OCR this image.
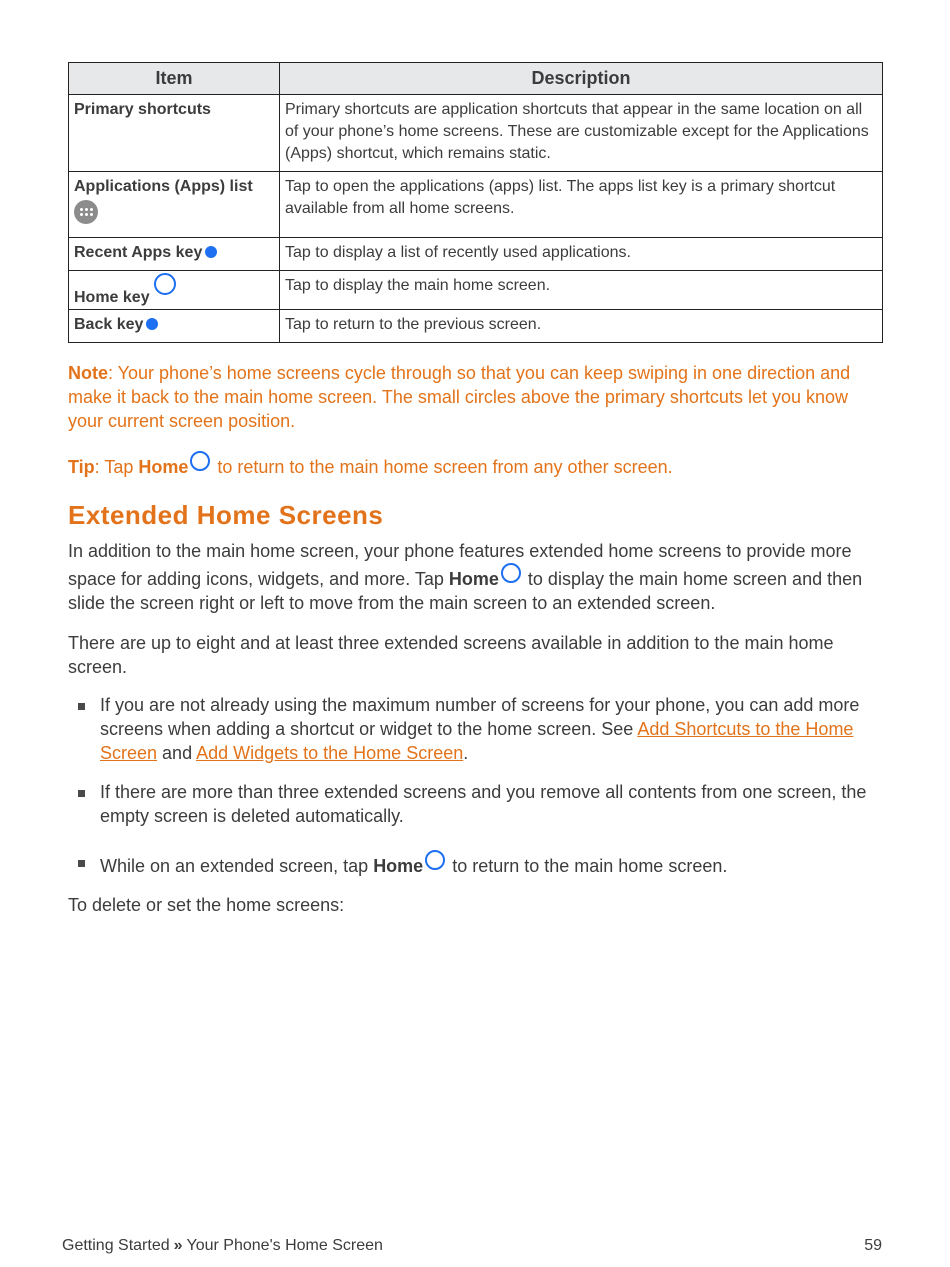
Item	Description
Primary shortcuts	Primary shortcuts are application shortcuts that appear in the same location on all of your phone’s home screens. These are customizable except for the Applications (Apps) shortcut, which remains static.
Applications (Apps) list	Tap to open the applications (apps) list. The apps list key is a primary shortcut available from all home screens.
Recent Apps key	Tap to display a list of recently used applications.
Home key	Tap to display the main home screen.
Back key	Tap to return to the previous screen.

Note: Your phone’s home screens cycle through so that you can keep swiping in one direction and make it back to the main home screen. The small circles above the primary shortcuts let you know your current screen position.

Tip: Tap Home to return to the main home screen from any other screen.

Extended Home Screens

In addition to the main home screen, your phone features extended home screens to provide more space for adding icons, widgets, and more. Tap Home to display the main home screen and then slide the screen right or left to move from the main screen to an extended screen.

There are up to eight and at least three extended screens available in addition to the main home screen.

If you are not already using the maximum number of screens for your phone, you can add more screens when adding a shortcut or widget to the home screen. See Add Shortcuts to the Home Screen and Add Widgets to the Home Screen.
If there are more than three extended screens and you remove all contents from one screen, the empty screen is deleted automatically.
While on an extended screen, tap Home to return to the main home screen.

To delete or set the home screens:

Getting Started » Your Phone's Home Screen	59
